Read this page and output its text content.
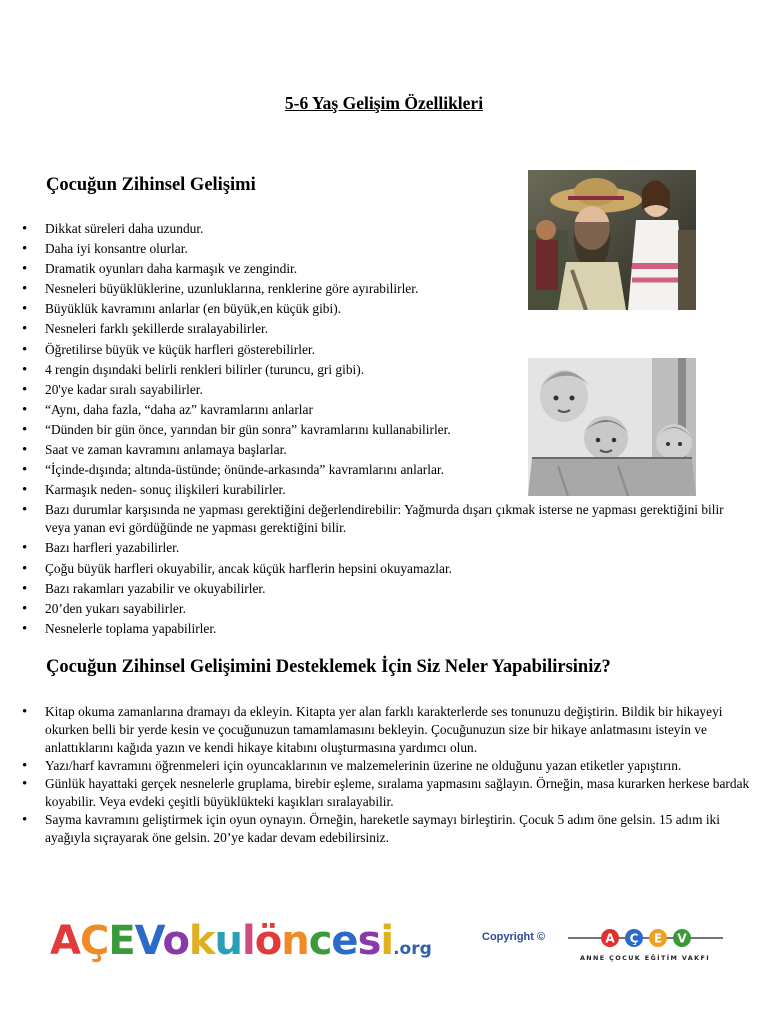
5-6 Yaş Gelişim Özellikleri
Çocuğun Zihinsel Gelişimi
• Dikkat süreleri daha uzundur.
• Daha iyi konsantre olurlar.
• Dramatik oyunları daha karmaşık ve zengindir.
• Nesneleri büyüklüklerine, uzunluklarına, renklerine göre ayırabilirler.
• Büyüklük kavramını anlarlar (en büyük,en küçük gibi).
• Nesneleri farklı şekillerde sıralayabilirler.
• Öğretilirse büyük ve küçük harfleri gösterebilirler.
• 4 rengin dışındaki belirli renkleri bilirler (turuncu, gri gibi).
• 20'ye kadar sıralı sayabilirler.
• “Aynı, daha fazla, “daha az” kavramlarını anlarlar
• “Dünden bir gün önce, yarından bir gün sonra” kavramlarını kullanabilirler.
• Saat ve zaman kavramını anlamaya başlarlar.
• “İçinde-dışında; altında-üstünde; önünde-arkasında” kavramlarını anlarlar.
• Karmaşık neden- sonuç ilişkileri kurabilirler.
• Bazı durumlar karşısında ne yapması gerektiğini değerlendirebilir: Yağmurda dışarı çıkmak isterse ne yapması gerektiğini bilir veya yanan evi gördüğünde ne yapması gerektiğini bilir.
• Bazı harfleri yazabilirler.
• Çoğu büyük harfleri okuyabilir, ancak küçük harflerin hepsini okuyamazlar.
• Bazı rakamları yazabilir ve okuyabilirler.
• 20’den yukarı sayabilirler.
• Nesnelerle toplama yapabilirler.
Çocuğun Zihinsel Gelişimini Desteklemek İçin Siz Neler Yapabilirsiniz?
• Kitap okuma zamanlarına dramayı da ekleyin. Kitapta yer alan farklı karakterlerde ses tonunuzu değiştirin. Bildik bir hikayeyi okurken belli bir yerde kesin ve çocuğunuzun tamamlamasını bekleyin. Çocuğunuzun size bir hikaye anlatmasını isteyin ve anlattıklarını kağıda yazın ve kendi hikaye kitabını oluşturmasına yardımcı olun.
• Yazı/harf kavramını öğrenmeleri için oyuncaklarının ve malzemelerinin üzerine ne olduğunu yazan etiketler yapıştırın.
• Günlük hayattaki gerçek nesnelerle gruplama, birebir eşleme, sıralama yapmasını sağlayın. Örneğin, masa kurarken herkese bardak koyabilir. Veya evdeki çeşitli büyüklükteki kaşıkları sıralayabilir.
• Sayma kavramını geliştirmek için oyun oynayın. Örneğin, hareketle saymayı birleştirin. Çocuk 5 adım öne gelsin. 15 adım iki ayağıyla sıçrayarak öne gelsin. 20’ye kadar devam edebilirsiniz.
AÇEVokulöncesi.org
Copyright ©	A Ç E V
ANNE ÇOCUK EĞİTİM VAKFI
